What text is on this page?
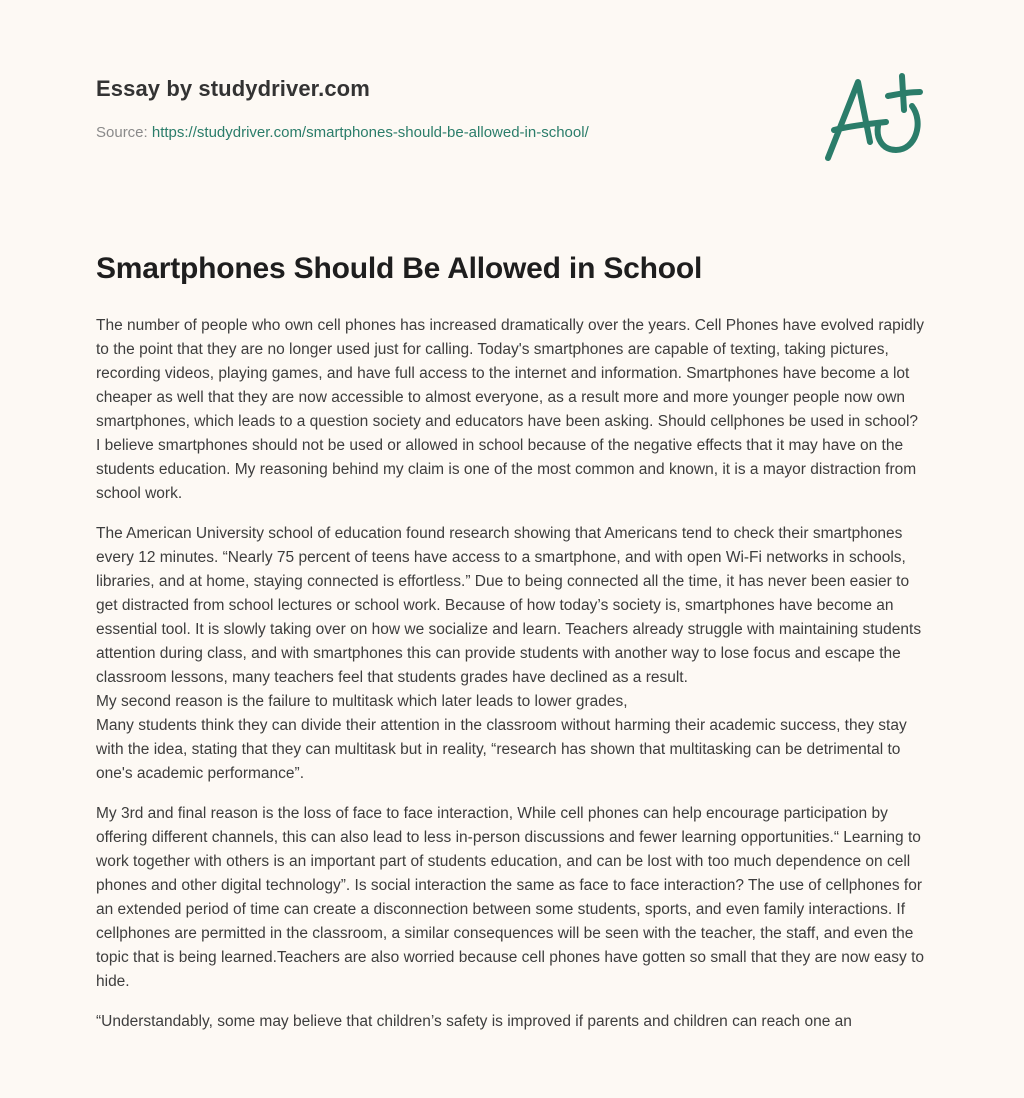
Essay by studydriver.com
Source: https://studydriver.com/smartphones-should-be-allowed-in-school/
Smartphones Should Be Allowed in School

The number of people who own cell phones has increased dramatically over the years. Cell Phones have evolved rapidly to the point that they are no longer used just for calling. Today's smartphones are capable of texting, taking pictures, recording videos, playing games, and have full access to the internet and information. Smartphones have become a lot cheaper as well that they are now accessible to almost everyone, as a result more and more younger people now own smartphones, which leads to a question society and educators have been asking. Should cellphones be used in school?
I believe smartphones should not be used or allowed in school because of the negative effects that it may have on the students education. My reasoning behind my claim is one of the most common and known, it is a mayor distraction from school work.

The American University school of education found research showing that Americans tend to check their smartphones every 12 minutes. “Nearly 75 percent of teens have access to a smartphone, and with open Wi-Fi networks in schools, libraries, and at home, staying connected is effortless.” Due to being connected all the time, it has never been easier to get distracted from school lectures or school work. Because of how today’s society is, smartphones have become an essential tool. It is slowly taking over on how we socialize and learn. Teachers already struggle with maintaining students attention during class, and with smartphones this can provide students with another way to lose focus and escape the classroom lessons, many teachers feel that students grades have declined as a result.
My second reason is the failure to multitask which later leads to lower grades,
Many students think they can divide their attention in the classroom without harming their academic success, they stay with the idea, stating that they can multitask but in reality, “research has shown that multitasking can be detrimental to one's academic performance”.

My 3rd and final reason is the loss of face to face interaction, While cell phones can help encourage participation by offering different channels, this can also lead to less in-person discussions and fewer learning opportunities.“ Learning to work together with others is an important part of students education, and can be lost with too much dependence on cell phones and other digital technology”. Is social interaction the same as face to face interaction? The use of cellphones for an extended period of time can create a disconnection between some students, sports, and even family interactions. If cellphones are permitted in the classroom, a similar consequences will be seen with the teacher, the staff, and even the topic that is being learned.Teachers are also worried because cell phones have gotten so small that they are now easy to hide.

“Understandably, some may believe that children’s safety is improved if parents and children can reach one an
